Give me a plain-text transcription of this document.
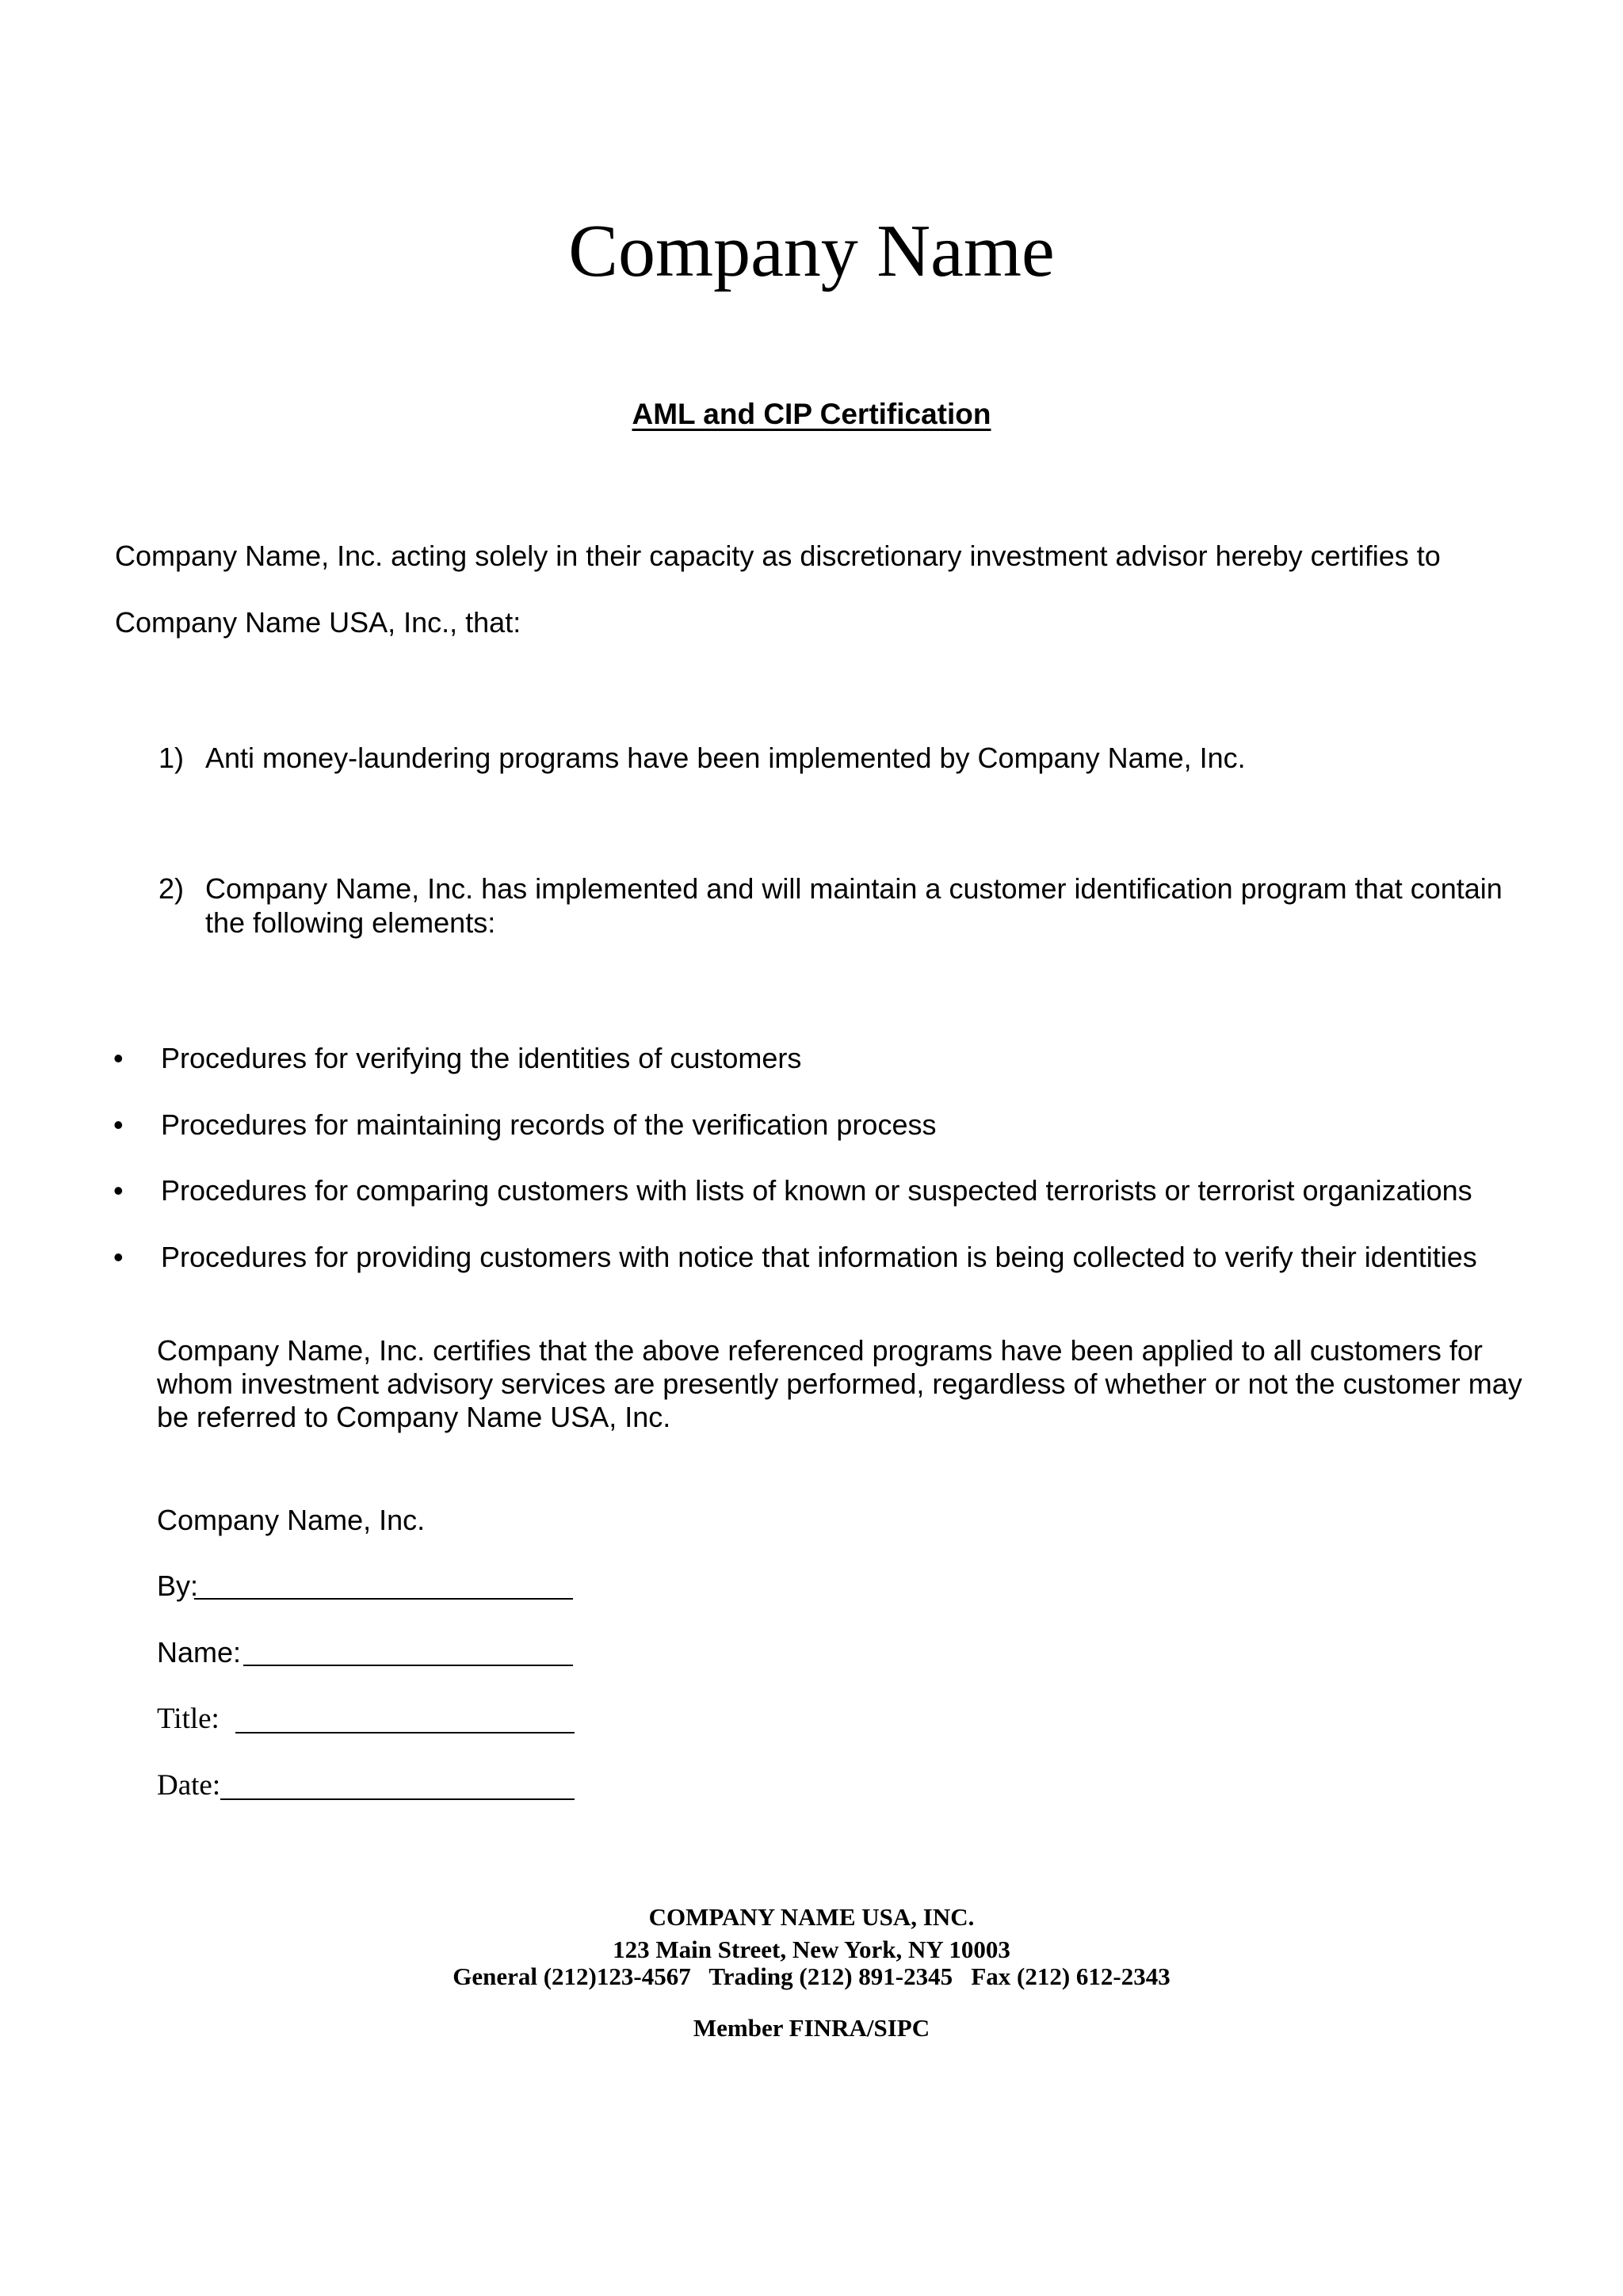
Company Name
AML and CIP Certification
Company Name, Inc. acting solely in their capacity as discretionary investment advisor hereby certifies to
Company Name USA, Inc., that:
1) Anti money-laundering programs have been implemented by Company Name, Inc.
2) Company Name, Inc. has implemented and will maintain a customer identification program that contain the following elements:
• Procedures for verifying the identities of customers
• Procedures for maintaining records of the verification process
• Procedures for comparing customers with lists of known or suspected terrorists or terrorist organizations
• Procedures for providing customers with notice that information is being collected to verify their identities
Company Name, Inc. certifies that the above referenced programs have been applied to all customers for whom investment advisory services are presently performed, regardless of whether or not the customer may be referred to Company Name USA, Inc.
Company Name, Inc.
By:
Name:
Title:
Date:
COMPANY NAME USA, INC.
123 Main Street, New York, NY 10003
General (212)123-4567   Trading (212) 891-2345   Fax (212) 612-2343
Member FINRA/SIPC
